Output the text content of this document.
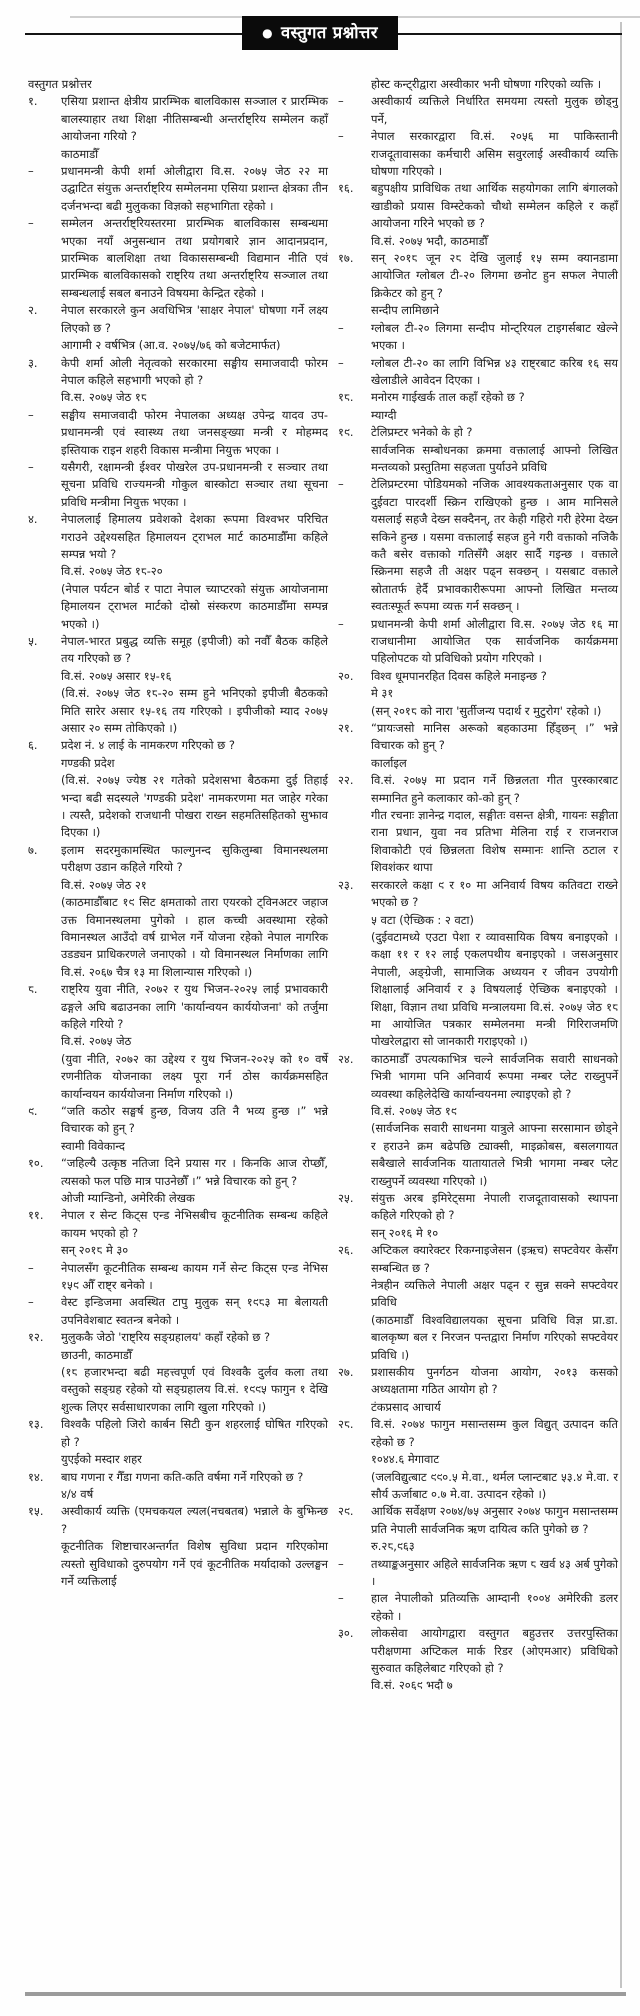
● वस्तुगत प्रश्नोत्तर
वस्तुगत प्रश्नोत्तर
१.	एसिया प्रशान्त क्षेत्रीय प्रारम्भिक बालविकास सञ्जाल र प्रारम्भिक बालस्याहार तथा शिक्षा नीतिसम्बन्धी अन्तर्राष्ट्रिय सम्मेलन कहाँ आयोजना गरियो ?
काठमाडौँ
–	प्रधानमन्त्री केपी शर्मा ओलीद्वारा वि.स. २०७५ जेठ २२ मा उद्घाटित संयुक्त अन्तर्राष्ट्रिय सम्मेलनमा एसिया प्रशान्त क्षेत्रका तीन दर्जनभन्दा बढी मुलुकका विज्ञको सहभागिता रहेको ।
–	सम्मेलन अन्तर्राष्ट्रियस्तरमा प्रारम्भिक बालविकास सम्बन्धमा भएका नयाँ अनुसन्धान तथा प्रयोगबारे ज्ञान आदानप्रदान, प्रारम्भिक बालशिक्षा तथा विकाससम्बन्धी विद्यमान नीति एवं प्रारम्भिक बालविकासको राष्ट्रिय तथा अन्तर्राष्ट्रिय सञ्जाल तथा सम्बन्धलाई सबल बनाउने विषयमा केन्द्रित रहेको ।
२.	नेपाल सरकारले कुन अवधिभित्र 'साक्षर नेपाल' घोषणा गर्ने लक्ष्य लिएको छ ?
आगामी २ वर्षभित्र (आ.व. २०७५/७६ को बजेटमार्फत)
३.	केपी शर्मा ओली नेतृत्वको सरकारमा सङ्घीय समाजवादी फोरम नेपाल कहिले सहभागी भएको हो ?
वि.स. २०७५ जेठ १८
–	सङ्घीय समाजवादी फोरम नेपालका अध्यक्ष उपेन्द्र यादव उप-प्रधानमन्त्री एवं स्वास्थ्य तथा जनसङ्ख्या मन्त्री र मोहम्मद इस्तियाक राइन शहरी विकास मन्त्रीमा नियुक्त भएका ।
–	यसैगरी, रक्षामन्त्री ईश्वर पोखरेल उप-प्रधानमन्त्री र सञ्चार तथा सूचना प्रविधि राज्यमन्त्री गोकुल बास्कोटा सञ्चार तथा सूचना प्रविधि मन्त्रीमा नियुक्त भएका ।
४.	नेपाललाई हिमालय प्रवेशको देशका रूपमा विश्वभर परिचित गराउने उद्देश्यसहित हिमालयन ट्राभल मार्ट काठमाडौँमा कहिले सम्पन्न भयो ?
वि.सं. २०७५ जेठ १८-२०
(नेपाल पर्यटन बोर्ड र पाटा नेपाल च्याप्टरको संयुक्त आयोजनामा हिमालयन ट्राभल मार्टको दोस्रो संस्करण काठमाडौँमा सम्पन्न भएको ।)
५.	नेपाल-भारत प्रबुद्ध व्यक्ति समूह (इपीजी) को नवौँ बैठक कहिले तय गरिएको छ ?
वि.सं. २०७५ असार १५-१६
(वि.सं. २०७५ जेठ १८-२० सम्म हुने भनिएको इपीजी बैठकको मिति सारेर असार १५-१६ तय गरिएको । इपीजीको म्याद २०७५ असार २० सम्म तोकिएको ।)
६.	प्रदेश नं. ४ लाई के नामकरण गरिएको छ ?
गण्डकी प्रदेश
(वि.सं. २०७५ ज्येष्ठ २१ गतेको प्रदेशसभा बैठकमा दुई तिहाई भन्दा बढी सदस्यले 'गण्डकी प्रदेश' नामकरणमा मत जाहेर गरेका । त्यस्तै, प्रदेशको राजधानी पोखरा राख्न सहमतिसहितको सुझाव दिएका ।)
७.	इलाम सदरमुकामस्थित फाल्गुनन्द सुकिलुम्बा विमानस्थलमा परीक्षण उडान कहिले गरियो ?
वि.सं. २०७५ जेठ २१
(काठमाडौँबाट १९ सिट क्षमताको तारा एयरको ट्विनअटर जहाज उक्त विमानस्थलमा पुगेको । हाल कच्ची अवस्थामा रहेको विमानस्थल आउँदो वर्ष ग्राभेल गर्ने योजना रहेको नेपाल नागरिक उडड्यन प्राधिकरणले जनाएको । यो विमानस्थल निर्माणका लागि वि.सं. २०६७ चैत्र १३ मा शिलान्यास गरिएको ।)
८.	राष्ट्रिय युवा नीति, २०७२ र युथ भिजन-२०२५ लाई प्रभावकारी ढङ्गले अघि बढाउनका लागि 'कार्यान्वयन कार्ययोजना' को तर्जुमा कहिले गरियो ?
वि.सं. २०७५ जेठ
(युवा नीति, २०७२ का उद्देश्य र युथ भिजन-२०२५ को १० वर्षे रणनीतिक योजनाका लक्ष्य पूरा गर्न ठोस कार्यक्रमसहित कार्यान्वयन कार्ययोजना निर्माण गरिएको ।)
९.	“जति कठोर सङ्घर्ष हुन्छ, विजय उति नै भव्य हुन्छ ।” भन्ने विचारक को हुन् ?
स्वामी विवेकान्द
१०.	“जहिल्यै उत्कृष्ठ नतिजा दिने प्रयास गर । किनकि आज रोप्छौँ, त्यसको फल पछि मात्र पाउनेछौँ ।” भन्ने विचारक को हुन् ?
ओजी म्यान्डिनो, अमेरिकी लेखक
११.	नेपाल र सेन्ट किट्स एन्ड नेभिसबीच कूटनीतिक सम्बन्ध कहिले कायम भएको हो ?
सन् २०१८ मे ३०
–	नेपालसँग कूटनीतिक सम्बन्ध कायम गर्ने सेन्ट किट्स एन्ड नेभिस १५९ औँ राष्ट्र बनेको ।
–	वेस्ट इन्डिजमा अवस्थित टापु मुलुक सन् १९८३ मा बेलायती उपनिवेशबाट स्वतन्त्र बनेको ।
१२.	मुलुककै जेठो 'राष्ट्रिय सङ्ग्रहालय' कहाँ रहेको छ ?
छाउनी, काठमाडौँ
(१८ हजारभन्दा बढी महत्त्वपूर्ण एवं विश्वकै दुर्लव कला तथा वस्तुको सङ्ग्रह रहेको यो सङ्ग्रहालय वि.सं. १९९५ फागुन १ देखि शुल्क लिएर सर्वसाधारणका लागि खुला गरिएको ।)
१३.	विश्वकै पहिलो जिरो कार्बन सिटी कुन शहरलाई घोषित गरिएको हो ?
युएईको मस्दार शहर
१४.	बाघ गणना र गैँडा गणना कति-कति वर्षमा गर्ने गरिएको छ ?
४/४ वर्ष
१५.	अस्वीकार्य व्यक्ति (एमचकयल ल्यल(नचबतब) भन्नाले के बुझिन्छ ?
कूटनीतिक शिष्टाचारअन्तर्गत विशेष सुविधा प्रदान गरिएकोमा त्यस्तो सुविधाको दुरुपयोग गर्ने एवं कूटनीतिक मर्यादाको उल्लङ्घन गर्ने व्यक्तिलाई
होस्ट कन्ट्रीद्वारा अस्वीकार भनी घोषणा गरिएको व्यक्ति ।
–	अस्वीकार्य व्यक्तिले निर्धारित समयमा त्यस्तो मुलुक छोड्नु पर्ने,
–	नेपाल सरकारद्वारा वि.सं. २०५६ मा पाकिस्तानी राजदूतावासका कर्मचारी असिम सवुरलाई अस्वीकार्य व्यक्ति घोषणा गरिएको ।
१६.	बहुपक्षीय प्राविधिक तथा आर्थिक सहयोगका लागि बंगालको खाडीको प्रयास विम्स्टेकको चौथो सम्मेलन कहिले र कहाँ आयोजना गरिने भएको छ ?
वि.सं. २०७५ भदौ, काठमाडौँ
१७.	सन् २०१८ जून २८ देखि जुलाई १५ सम्म क्यानडामा आयोजित ग्लोबल टी-२० लिगमा छनोट हुन सफल नेपाली क्रिकेटर को हुन् ?
सन्दीप लामिछाने
–	ग्लोबल टी-२० लिगमा सन्दीप मोन्ट्रियल टाइगर्सबाट खेल्ने भएका ।
–	ग्लोबल टी-२० का लागि विभिन्न ४३ राष्ट्रबाट करिब १६ सय खेलाडीले आवेदन दिएका ।
१८.	मनोरम गाईखर्क ताल कहाँ रहेको छ ?
म्याग्दी
१९.	टेलिप्रम्टर भनेको के हो ?
सार्वजनिक सम्बोधनका क्रममा वक्तालाई आफ्नो लिखित मन्तव्यको प्रस्तुतिमा सहजता पुर्याउने प्रविधि
–	टेलिप्रम्टरमा पोडियमको नजिक आवश्यकताअनुसार एक वा दुईवटा पारदर्शी स्क्रिन राखिएको हुन्छ । आम मानिसले यसलाई सहजै देख्न सक्दैनन्, तर केही गहिरो गरी हेरेमा देख्न सकिने हुन्छ । यसमा वक्तालाई सहज हुने गरी वक्ताको नजिकै कतै बसेर वक्ताको गतिसँगै अक्षर सार्दै गइन्छ । वक्ताले स्क्रिनमा सहजै ती अक्षर पढ्न सक्छन् । यसबाट वक्ताले स्रोतातर्फ हेर्दै प्रभावकारीरूपमा आफ्नो लिखित मन्तव्य स्वतःस्फूर्त रूपमा व्यक्त गर्न सक्छन् ।
–	प्रधानमन्त्री केपी शर्मा ओलीद्वारा वि.स. २०७५ जेठ १६ मा राजधानीमा आयोजित एक सार्वजनिक कार्यक्रममा पहिलोपटक यो प्रविधिको प्रयोग गरिएको ।
२०.	विश्व धूमपानरहित दिवस कहिले मनाइन्छ ?
मे ३१
(सन् २०१८ को नारा 'सुर्तीजन्य पदार्थ र मुटुरोग' रहेको ।)
२१.	“प्रायःजसो मानिस अरूको बहकाउमा हिँड्छन् ।” भन्ने विचारक को हुन् ?
कार्लाइल
२२.	वि.सं. २०७५ मा प्रदान गर्ने छिन्नलता गीत पुरस्कारबाट सम्मानित हुने कलाकार को-को हुन् ?
गीत रचनाः ज्ञानेन्द्र गदाल, सङ्गीतः वसन्त क्षेत्री, गायनः सङ्गीता राना प्रधान, युवा नव प्रतिभा मेलिना राई र राजनराज शिवाकोटी एवं छिन्नलता विशेष सम्मानः शान्ति ठटाल र शिवशंकर थापा
२३.	सरकारले कक्षा ९ र १० मा अनिवार्य विषय कतिवटा राख्ने भएको छ ?
५ वटा (ऐच्छिक : २ वटा)
(दुईवटामध्ये एउटा पेशा र व्यावसायिक विषय बनाइएको । कक्षा ११ र १२ लाई एकलपथीय बनाइएको । जसअनुसार नेपाली, अङ्ग्रेजी, सामाजिक अध्ययन र जीवन उपयोगी शिक्षालाई अनिवार्य र ३ विषयलाई ऐच्छिक बनाइएको । शिक्षा, विज्ञान तथा प्रविधि मन्त्रालयमा वि.सं. २०७५ जेठ १८ मा आयोजित पत्रकार सम्मेलनमा मन्त्री गिरिराजमणि पोखरेलद्वारा सो जानकारी गराइएको ।)
२४.	काठमाडौँ उपत्यकाभित्र चल्ने सार्वजनिक सवारी साधनको भित्री भागमा पनि अनिवार्य रूपमा नम्बर प्लेट राख्नुपर्ने व्यवस्था कहिलेदेखि कार्यान्वयनमा ल्याइएको हो ?
वि.सं. २०७५ जेठ १९
(सार्वजनिक सवारी साधनमा यात्रुले आफ्ना सरसामान छोड्ने र हराउने क्रम बढेपछि ट्याक्सी, माइक्रोबस, बसलगायत सबैखाले सार्वजनिक यातायातले भित्री भागमा नम्बर प्लेट राख्नुपर्ने व्यवस्था गरिएको ।)
२५.	संयुक्त अरब इमिरेट्समा नेपाली राजदूतावासको स्थापना कहिले गरिएको हो ?
सन् २०१६ मे १०
२६.	अप्टिकल क्यारेक्टर रिकग्नाइजेसन (इऋच) सफ्टवेयर केसँग सम्बन्धित छ ?
नेत्रहीन व्यक्तिले नेपाली अक्षर पढ्न र सुन्न सक्ने सफ्टवेयर प्रविधि
(काठमाडौँ विश्वविद्यालयका सूचना प्रविधि विज्ञ प्रा.डा. बालकृष्ण बल र निरजन पन्तद्वारा निर्माण गरिएको सफ्टवेयर प्रविधि ।)
२७.	प्रशासकीय पुनर्गठन योजना आयोग, २०१३ कसको अध्यक्षतामा गठित आयोग हो ?
टंकप्रसाद आचार्य
२८.	वि.सं. २०७४ फागुन मसान्तसम्म कुल विद्युत् उत्पादन कति रहेको छ ?
१०४४.६ मेगावाट
(जलविद्युत्बाट ९९०.५ मे.वा., थर्मल प्लान्टबाट ५३.४ मे.वा. र सौर्य ऊर्जाबाट ०.७ मे.वा. उत्पादन रहेको ।)
२९.	आर्थिक सर्वेक्षण २०७४/७५ अनुसार २०७४ फागुन मसान्तसम्म प्रति नेपाली सार्वजनिक ऋण दायित्व कति पुगेको छ ?
रु.२८,९६३
–	तथ्याङ्कअनुसार अहिले सार्वजनिक ऋण ८ खर्व ४३ अर्ब पुगेको ।
–	हाल नेपालीको प्रतिव्यक्ति आम्दानी १००४ अमेरिकी डलर रहेको ।
३०.	लोकसेवा आयोगद्वारा वस्तुगत बहुउत्तर उत्तरपुस्तिका परीक्षणमा अप्टिकल मार्क रिडर (ओएमआर) प्रविधिको सुरुवात कहिलेबाट गरिएको हो ?
वि.सं. २०६९ भदौ ७
